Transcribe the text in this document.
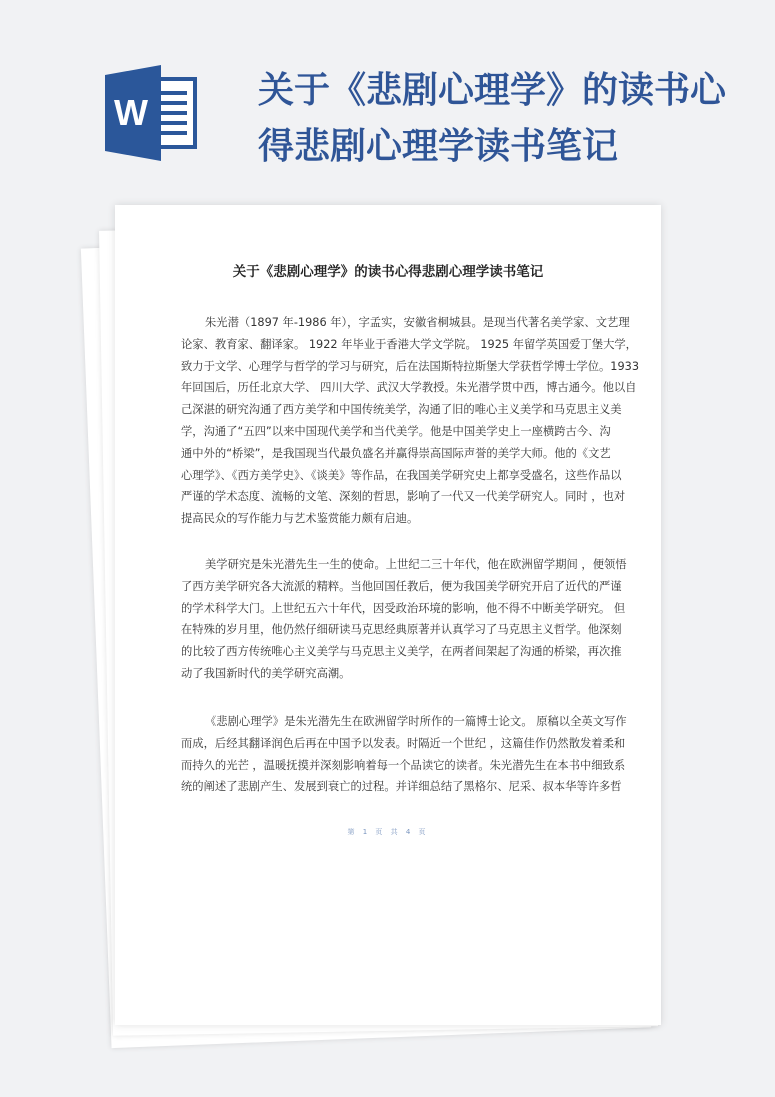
W
关于《悲剧心理学》的读书心
得悲剧心理学读书笔记
关于《悲剧心理学》的读书心得悲剧心理学读书笔记
朱光潜（1897 年-1986 年），字孟实，安徽省桐城县。是现当代著名美学家、文艺理
论家、教育家、翻译家。 1922 年毕业于香港大学文学院。 1925 年留学英国爱丁堡大学，
致力于文学、心理学与哲学的学习与研究，后在法国斯特拉斯堡大学获哲学博士学位。1933
年回国后，历任北京大学、 四川大学、武汉大学教授。朱光潜学贯中西，博古通今。他以自
己深湛的研究沟通了西方美学和中国传统美学，沟通了旧的唯心主义美学和马克思主义美
学，沟通了“五四”以来中国现代美学和当代美学。他是中国美学史上一座横跨古今、沟
通中外的“桥梁”，是我国现当代最负盛名并赢得崇高国际声誉的美学大师。他的《文艺
心理学》、《西方美学史》、《谈美》等作品，在我国美学研究史上都享受盛名，这些作品以
严谨的学术态度、流畅的文笔、深刻的哲思，影响了一代又一代美学研究人。同时 ，也对
提高民众的写作能力与艺术鉴赏能力颇有启迪。
美学研究是朱光潜先生一生的使命。上世纪二三十年代，他在欧洲留学期间 ，便领悟
了西方美学研究各大流派的精粹。当他回国任教后，便为我国美学研究开启了近代的严谨
的学术科学大门。上世纪五六十年代，因受政治环境的影响，他不得不中断美学研究。 但
在特殊的岁月里，他仍然仔细研读马克思经典原著并认真学习了马克思主义哲学。他深刻
的比较了西方传统唯心主义美学与马克思主义美学，在两者间架起了沟通的桥梁，再次推
动了我国新时代的美学研究高潮。
《悲剧心理学》是朱光潜先生在欧洲留学时所作的一篇博士论文。 原稿以全英文写作
而成，后经其翻译润色后再在中国予以发表。时隔近一个世纪 ，这篇佳作仍然散发着柔和
而持久的光芒 ，温暖抚摸并深刻影响着每一个品读它的读者。朱光潜先生在本书中细致系
统的阐述了悲剧产生、发展到衰亡的过程。并详细总结了黑格尔、尼采、叔本华等许多哲
第 1 页 共 4 页
